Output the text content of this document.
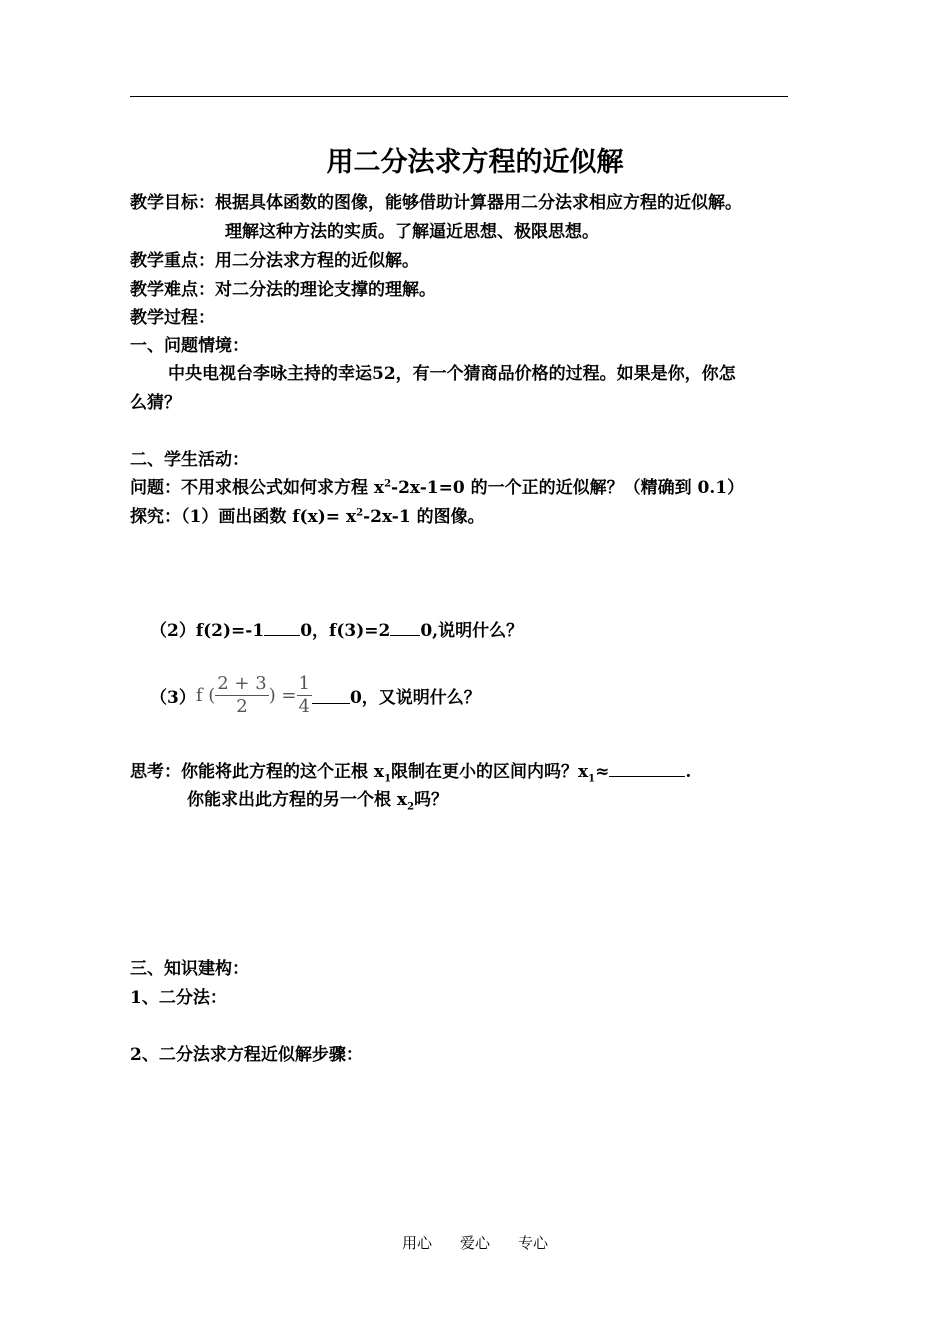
用二分法求方程的近似解
教学目标：根据具体函数的图像，能够借助计算器用二分法求相应方程的近似解。
理解这种方法的实质。了解逼近思想、极限思想。
教学重点：用二分法求方程的近似解。
教学难点：对二分法的理论支撑的理解。
教学过程：
一、问题情境：
中央电视台李咏主持的幸运52，有一个猜商品价格的过程。如果是你，你怎
么猜？
二、学生活动：
问题：不用求根公式如何求方程 $x^2-2x-1=0$ 的一个正的近似解？（精确到 0.1）
探究：（1）画出函数 $f(x)= x^2-2x-1$ 的图像。
（2）f(2)=-1 0，f(3)=2 0,说明什么？
（3）f ( $\frac{2 + 3}{2}$ ) = $\frac{1}{4} 0$，又说明什么？
思考：你能将此方程的这个正根 $x_1$限制在更小的区间内吗？$x_1\approx$	.
你能求出此方程的另一个根 $x_2$吗？
三、知识建构：
1、二分法：
2、二分法求方程近似解步骤：
用心 爱心 专心
